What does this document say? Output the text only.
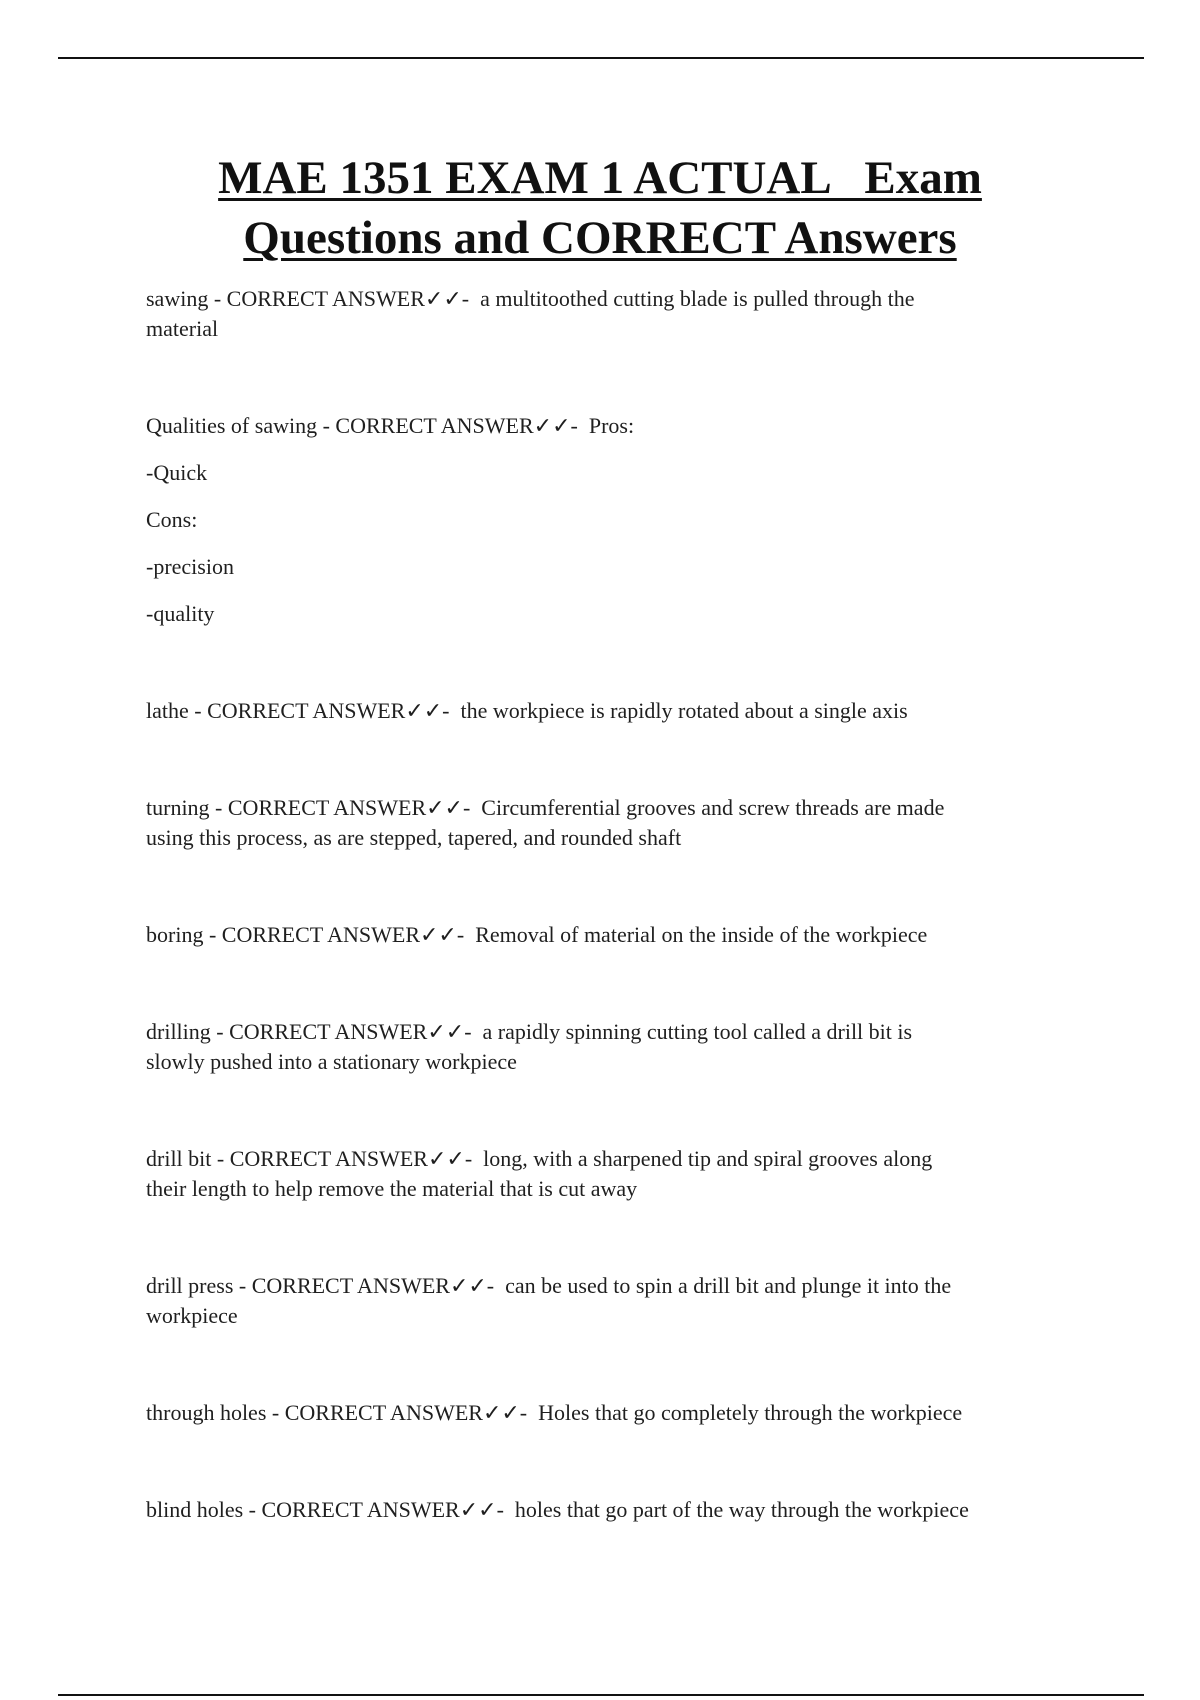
MAE 1351 EXAM 1 ACTUAL   Exam
Questions and CORRECT Answers

sawing - CORRECT ANSWER✓✓-  a multitoothed cutting blade is pulled through the

material

Qualities of sawing - CORRECT ANSWER✓✓-  Pros:

-Quick

Cons:

-precision

-quality

lathe - CORRECT ANSWER✓✓-  the workpiece is rapidly rotated about a single axis

turning - CORRECT ANSWER✓✓-  Circumferential grooves and screw threads are made

using this process, as are stepped, tapered, and rounded shaft

boring - CORRECT ANSWER✓✓-  Removal of material on the inside of the workpiece

drilling - CORRECT ANSWER✓✓-  a rapidly spinning cutting tool called a drill bit is

slowly pushed into a stationary workpiece

drill bit - CORRECT ANSWER✓✓-  long, with a sharpened tip and spiral grooves along

their length to help remove the material that is cut away

drill press - CORRECT ANSWER✓✓-  can be used to spin a drill bit and plunge it into the

workpiece

through holes - CORRECT ANSWER✓✓-  Holes that go completely through the workpiece

blind holes - CORRECT ANSWER✓✓-  holes that go part of the way through the workpiece
